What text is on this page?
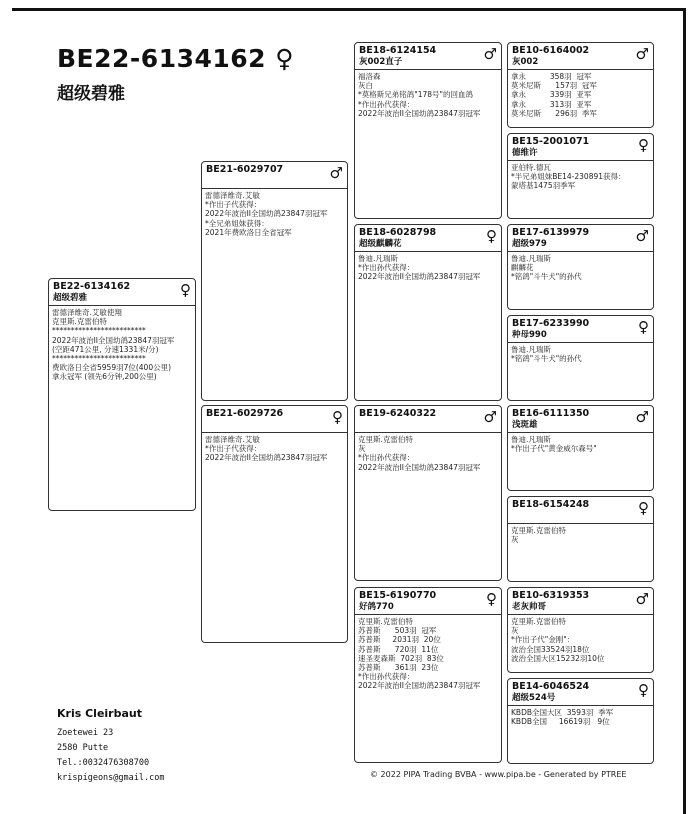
BE22-6134162 ♀
超级碧雅
BE22-6134162
超级碧雅	♀
雷德泽维奇.艾敏使翔
克里斯.克雷伯特
*************************
2022年波治II全国幼鸽23847羽冠军
(空距471公里, 分速1331米/分)
*************************
费欧洛日全省5959羽7位(400公里)
拿永冠军 (领先6分钟,200公里)
BE21-6029707	♂
雷德泽维奇.艾敏
*作出子代获得：
2022年波治II全国幼鸽23847羽冠军
*全兄弟姐妹获得：
2021年费欧洛日全省冠军
BE21-6029726	♀
雷德泽维奇.艾敏
*作出子代获得：
2022年波治II全国幼鸽23847羽冠军
BE18-6124154
灰002直子	♂
福洛森
灰白
*莫格斯兄弟铭鸽"178号"的回血鸽
*作出孙代获得：
2022年波治II全国幼鸽23847羽冠军
BE18-6028798
超级麒麟花	♀
鲁迪.凡瑞斯
*作出孙代获得：
2022年波治II全国幼鸽23847羽冠军
BE19-6240322	♂
克里斯.克雷伯特
灰
*作出孙代获得：
2022年波治II全国幼鸽23847羽冠军
BE15-6190770
好鸽770	♀
克里斯.克雷伯特
苏普斯      503羽  冠军
苏普斯     2031羽  20位
苏普斯      720羽  11位
速圣麦森斯  702羽  83位
苏普斯      361羽  23位
*作出孙代获得：
2022年波治II全国幼鸽23847羽冠军
BE10-6164002
灰002	♂
拿永          358羽  冠军
莫米尼斯      157羽  冠军
拿永          339羽  亚军
拿永          313羽  亚军
莫米尼斯      296羽  季军
BE15-2001071
德维许	♀
亚伯特.德瓦
*半兄弟姐妹BE14-230891获得：
蒙塔基1475羽季军
BE17-6139979
超级979	♂
鲁迪.凡瑞斯
麒麟花
*铭鸽"斗牛犬"的孙代
BE17-6233990
种母990	♀
鲁迪.凡瑞斯
*铭鸽"斗牛犬"的孙代
BE16-6111350
浅斑雄	♂
鲁迪.凡瑞斯
*作出子代"黄金威尔森号"
BE18-6154248	♀
克里斯.克雷伯特
灰
BE10-6319353
老灰帅哥	♂
克里斯.克雷伯特
灰
*作出子代"金刚"：
波治全国33524羽18位
波治全国大区15232羽10位
BE14-6046524
超级524号	♀
KBDB全国大区  3593羽  季军
KBDB全国     16619羽   9位
Kris Cleirbaut
Zoetewei 23
2580 Putte
Tel.:0032476308700
krispigeons@gmail.com	© 2022 PIPA Trading BVBA - www.pipa.be - Generated by PTREE
